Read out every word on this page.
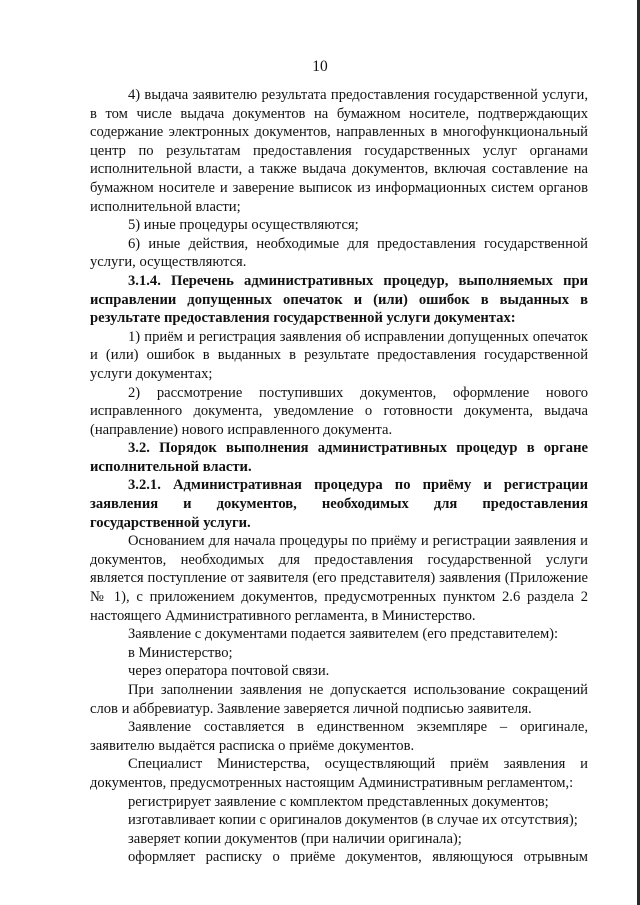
10

4) выдача заявителю результата предоставления государственной услуги, в том числе выдача документов на бумажном носителе, подтверждающих содержание электронных документов, направленных в многофункциональный центр по результатам предоставления государственных услуг органами исполнительной власти, а также выдача документов, включая составление на бумажном носителе и заверение выписок из информационных систем органов исполнительной власти;

5) иные процедуры осуществляются;

6) иные действия, необходимые для предоставления государственной услуги, осуществляются.

3.1.4. Перечень административных процедур, выполняемых при исправлении допущенных опечаток и (или) ошибок в выданных в результате предоставления государственной услуги документах:

1) приём и регистрация заявления об исправлении допущенных опечаток и (или) ошибок в выданных в результате предоставления государственной услуги документах;

2) рассмотрение поступивших документов, оформление нового исправленного документа, уведомление о готовности документа, выдача (направление) нового исправленного документа.

3.2. Порядок выполнения административных процедур в органе исполнительной власти.

3.2.1. Административная процедура по приёму и регистрации заявления и документов, необходимых для предоставления государственной услуги.

Основанием для начала процедуры по приёму и регистрации заявления и документов, необходимых для предоставления государственной услуги является поступление от заявителя (его представителя) заявления (Приложение № 1), с приложением документов, предусмотренных пунктом 2.6 раздела 2 настоящего Административного регламента, в Министерство.

Заявление с документами подается заявителем (его представителем):

в Министерство;

через оператора почтовой связи.

При заполнении заявления не допускается использование сокращений слов и аббревиатур. Заявление заверяется личной подписью заявителя.

Заявление составляется в единственном экземпляре – оригинале, заявителю выдаётся расписка о приёме документов.

Специалист Министерства, осуществляющий приём заявления и документов, предусмотренных настоящим Административным регламентом,:

регистрирует заявление с комплектом представленных документов;

изготавливает копии с оригиналов документов (в случае их отсутствия);

заверяет копии документов (при наличии оригинала);

оформляет расписку о приёме документов, являющуюся отрывным
